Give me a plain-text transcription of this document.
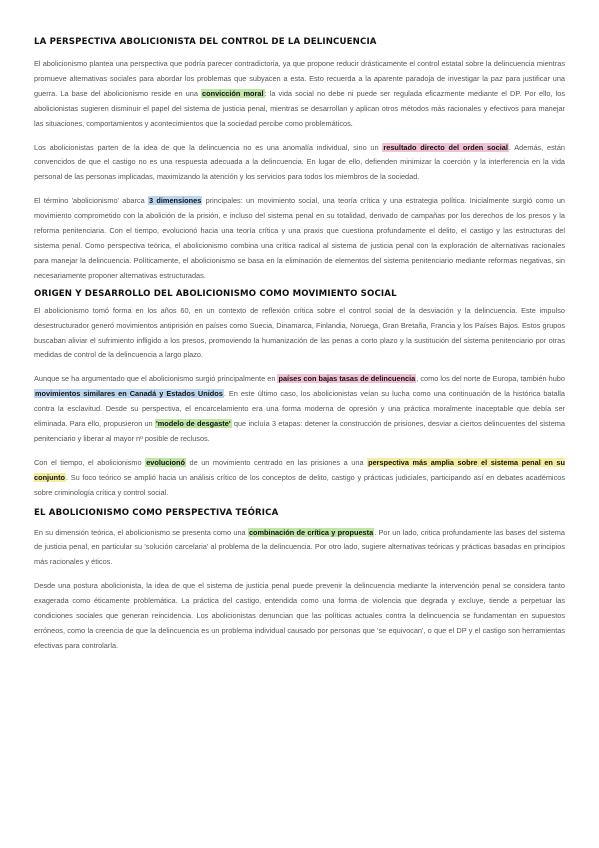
LA PERSPECTIVA ABOLICIONISTA DEL CONTROL DE LA DELINCUENCIA

El abolicionismo plantea una perspectiva que podría parecer contradictoria, ya que propone reducir drásticamente el control estatal sobre la delincuencia mientras promueve alternativas sociales para abordar los problemas que subyacen a esta. Esto recuerda a la aparente paradoja de investigar la paz para justificar una guerra. La base del abolicionismo reside en una convicción moral: la vida social no debe ni puede ser regulada eficazmente mediante el DP. Por ello, los abolicionistas sugieren disminuir el papel del sistema de justicia penal, mientras se desarrollan y aplican otros métodos más racionales y efectivos para manejar las situaciones, comportamientos y acontecimientos que la sociedad percibe como problemáticos.

Los abolicionistas parten de la idea de que la delincuencia no es una anomalía individual, sino un resultado directo del orden social. Además, están convencidos de que el castigo no es una respuesta adecuada a la delincuencia. En lugar de ello, defienden minimizar la coerción y la interferencia en la vida personal de las personas implicadas, maximizando la atención y los servicios para todos los miembros de la sociedad.

El término 'abolicionismo' abarca 3 dimensiones principales: un movimiento social, una teoría crítica y una estrategia política. Inicialmente surgió como un movimiento comprometido con la abolición de la prisión, e incluso del sistema penal en su totalidad, derivado de campañas por los derechos de los presos y la reforma penitenciaria. Con el tiempo, evolucionó hacia una teoría crítica y una praxis que cuestiona profundamente el delito, el castigo y las estructuras del sistema penal. Como perspectiva teórica, el abolicionismo combina una crítica radical al sistema de justicia penal con la exploración de alternativas racionales para manejar la delincuencia. Políticamente, el abolicionismo se basa en la eliminación de elementos del sistema penitenciario mediante reformas negativas, sin necesariamente proponer alternativas estructuradas.

ORIGEN Y DESARROLLO DEL ABOLICIONISMO COMO MOVIMIENTO SOCIAL

El abolicionismo tomó forma en los años 60, en un contexto de reflexión crítica sobre el control social de la desviación y la delincuencia. Este impulso desestructurador generó movimientos antiprisión en países como Suecia, Dinamarca, Finlandia, Noruega, Gran Bretaña, Francia y los Países Bajos. Estos grupos buscaban aliviar el sufrimiento infligido a los presos, promoviendo la humanización de las penas a corto plazo y la sustitución del sistema penitenciario por otras medidas de control de la delincuencia a largo plazo.

Aunque se ha argumentado que el abolicionismo surgió principalmente en países con bajas tasas de delincuencia, como los del norte de Europa, también hubo movimientos similares en Canadá y Estados Unidos. En este último caso, los abolicionistas veían su lucha como una continuación de la histórica batalla contra la esclavitud. Desde su perspectiva, el encarcelamiento era una forma moderna de opresión y una práctica moralmente inaceptable que debía ser eliminada. Para ello, propusieron un 'modelo de desgaste' que incluía 3 etapas: detener la construcción de prisiones, desviar a ciertos delincuentes del sistema penitenciario y liberar al mayor nº posible de reclusos.

Con el tiempo, el abolicionismo evolucionó de un movimiento centrado en las prisiones a una perspectiva más amplia sobre el sistema penal en su conjunto. Su foco teórico se amplió hacia un análisis crítico de los conceptos de delito, castigo y prácticas judiciales, participando así en debates académicos sobre criminología crítica y control social.

EL ABOLICIONISMO COMO PERSPECTIVA TEÓRICA

En su dimensión teórica, el abolicionismo se presenta como una combinación de crítica y propuesta. Por un lado, critica profundamente las bases del sistema de justicia penal, en particular su 'solución carcelaria' al problema de la delincuencia. Por otro lado, sugiere alternativas teóricas y prácticas basadas en principios más racionales y éticos.

Desde una postura abolicionista, la idea de que el sistema de justicia penal puede prevenir la delincuencia mediante la intervención penal se considera tanto exagerada como éticamente problemática. La práctica del castigo, entendida como una forma de violencia que degrada y excluye, tiende a perpetuar las condiciones sociales que generan reincidencia. Los abolicionistas denuncian que las políticas actuales contra la delincuencia se fundamentan en supuestos erróneos, como la creencia de que la delincuencia es un problema individual causado por personas que 'se equivocan', o que el DP y el castigo son herramientas efectivas para controlarla.
